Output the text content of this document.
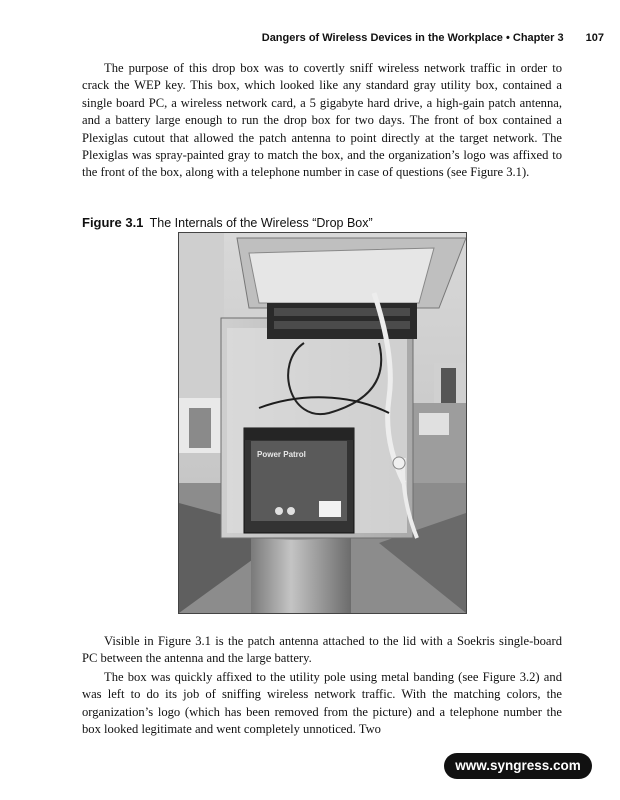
Dangers of Wireless Devices in the Workplace • Chapter 3 107

The purpose of this drop box was to covertly sniff wireless network traffic in order to crack the WEP key. This box, which looked like any standard gray utility box, contained a single board PC, a wireless network card, a 5 gigabyte hard drive, a high-gain patch antenna, and a battery large enough to run the drop box for two days. The front of box contained a Plexiglas cutout that allowed the patch antenna to point directly at the target network. The Plexiglas was spray-painted gray to match the box, and the organization’s logo was affixed to the front of the box, along with a telephone number in case of questions (see Figure 3.1).

Figure 3.1 The Internals of the Wireless “Drop Box”
Power Patrol

Visible in Figure 3.1 is the patch antenna attached to the lid with a Soekris single-board PC between the antenna and the large battery.

The box was quickly affixed to the utility pole using metal banding (see Figure 3.2) and was left to do its job of sniffing wireless network traffic. With the matching colors, the organization’s logo (which has been removed from the picture) and a telephone number the box looked legitimate and went completely unnoticed. Two

www.syngress.com
